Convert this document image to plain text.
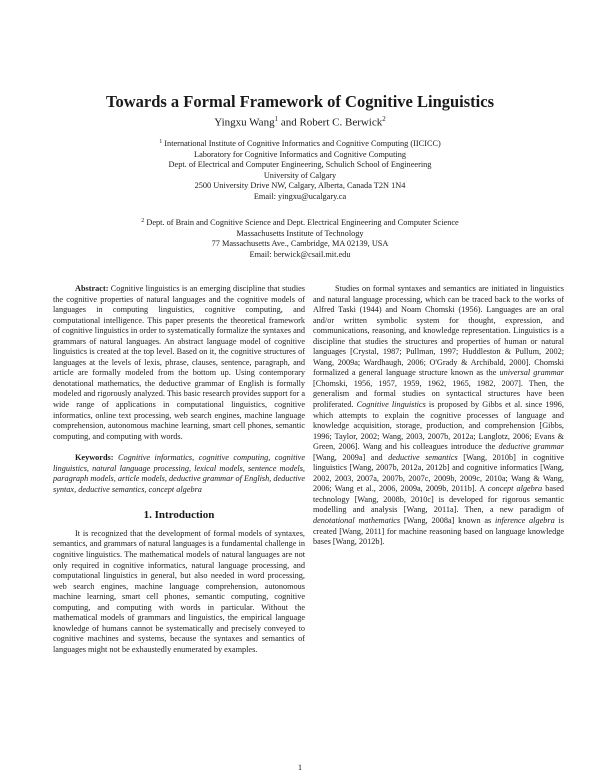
Towards a Formal Framework of Cognitive Linguistics
Yingxu Wang$^1$ and Robert C. Berwick$^2$
$^1$ International Institute of Cognitive Informatics and Cognitive Computing (IICICC)
Laboratory for Cognitive Informatics and Cognitive Computing
Dept. of Electrical and Computer Engineering, Schulich School of Engineering
University of Calgary
2500 University Drive NW, Calgary, Alberta, Canada T2N 1N4
Email: yingxu@ucalgary.ca
$^2$ Dept. of Brain and Cognitive Science and Dept. Electrical Engineering and Computer Science
Massachusetts Institute of Technology
77 Massachusetts Ave., Cambridge, MA 02139, USA
Email: berwick@csail.mit.edu

Abstract: Cognitive linguistics is an emerging discipline that studies the cognitive properties of natural languages and the cognitive models of languages in computing linguistics, cognitive computing, and computational intelligence. This paper presents the theoretical framework of cognitive linguistics in order to systematically formalize the syntaxes and grammars of natural languages. An abstract language model of cognitive linguistics is created at the top level. Based on it, the cognitive structures of languages at the levels of lexis, phrase, clauses, sentence, paragraph, and article are formally modeled from the bottom up. Using contemporary denotational mathematics, the deductive grammar of English is formally modeled and rigorously analyzed. This basic research provides support for a wide range of applications in computational linguistics, cognitive informatics, online text processing, web search engines, machine language comprehension, autonomous machine learning, smart cell phones, semantic computing, and computing with words.

Keywords: Cognitive informatics, cognitive computing, cognitive linguistics, natural language processing, lexical models, sentence models, paragraph models, article models, deductive grammar of English, deductive syntax, deductive semantics, concept algebra

1. Introduction

It is recognized that the development of formal models of syntaxes, semantics, and grammars of natural languages is a fundamental challenge in cognitive linguistics. The mathematical models of natural languages are not only required in cognitive informatics, natural language processing, and computational linguistics in general, but also needed in word processing, web search engines, machine language comprehension, autonomous machine learning, smart cell phones, semantic computing, cognitive computing, and computing with words in particular. Without the mathematical models of grammars and linguistics, the empirical language knowledge of humans cannot be systematically and precisely conveyed to cognitive machines and systems, because the syntaxes and semantics of languages might not be exhaustedly enumerated by examples.

Studies on formal syntaxes and semantics are initiated in linguistics and natural language processing, which can be traced back to the works of Alfred Taski (1944) and Noam Chomski (1956). Languages are an oral and/or written symbolic system for thought, expression, and communications, reasoning, and knowledge representation. Linguistics is a discipline that studies the structures and properties of human or natural languages [Crystal, 1987; Pullman, 1997; Huddleston & Pullum, 2002; Wang, 2009a; Wardhaugh, 2006; O'Grady & Archibald, 2000]. Chomski formalized a general language structure known as the universal grammar [Chomski, 1956, 1957, 1959, 1962, 1965, 1982, 2007]. Then, the generalism and formal studies on syntactical structures have been proliferated. Cognitive linguistics is proposed by Gibbs et al. since 1996, which attempts to explain the cognitive processes of language and knowledge acquisition, storage, production, and comprehension [Gibbs, 1996; Taylor, 2002; Wang, 2003, 2007b, 2012a; Langlotz, 2006; Evans & Green, 2006]. Wang and his colleagues introduce the deductive grammar [Wang, 2009a] and deductive semantics [Wang, 2010b] in cognitive linguistics [Wang, 2007b, 2012a, 2012b] and cognitive informatics [Wang, 2002, 2003, 2007a, 2007b, 2007c, 2009b, 2009c, 2010a; Wang & Wang, 2006; Wang et al., 2006, 2009a, 2009b, 2011b]. A concept algebra based technology [Wang, 2008b, 2010c] is developed for rigorous semantic modelling and analysis [Wang, 2011a]. Then, a new paradigm of denotational mathematics [Wang, 2008a] known as inference algebra is created [Wang, 2011] for machine reasoning based on language knowledge bases [Wang, 2012b].

1
